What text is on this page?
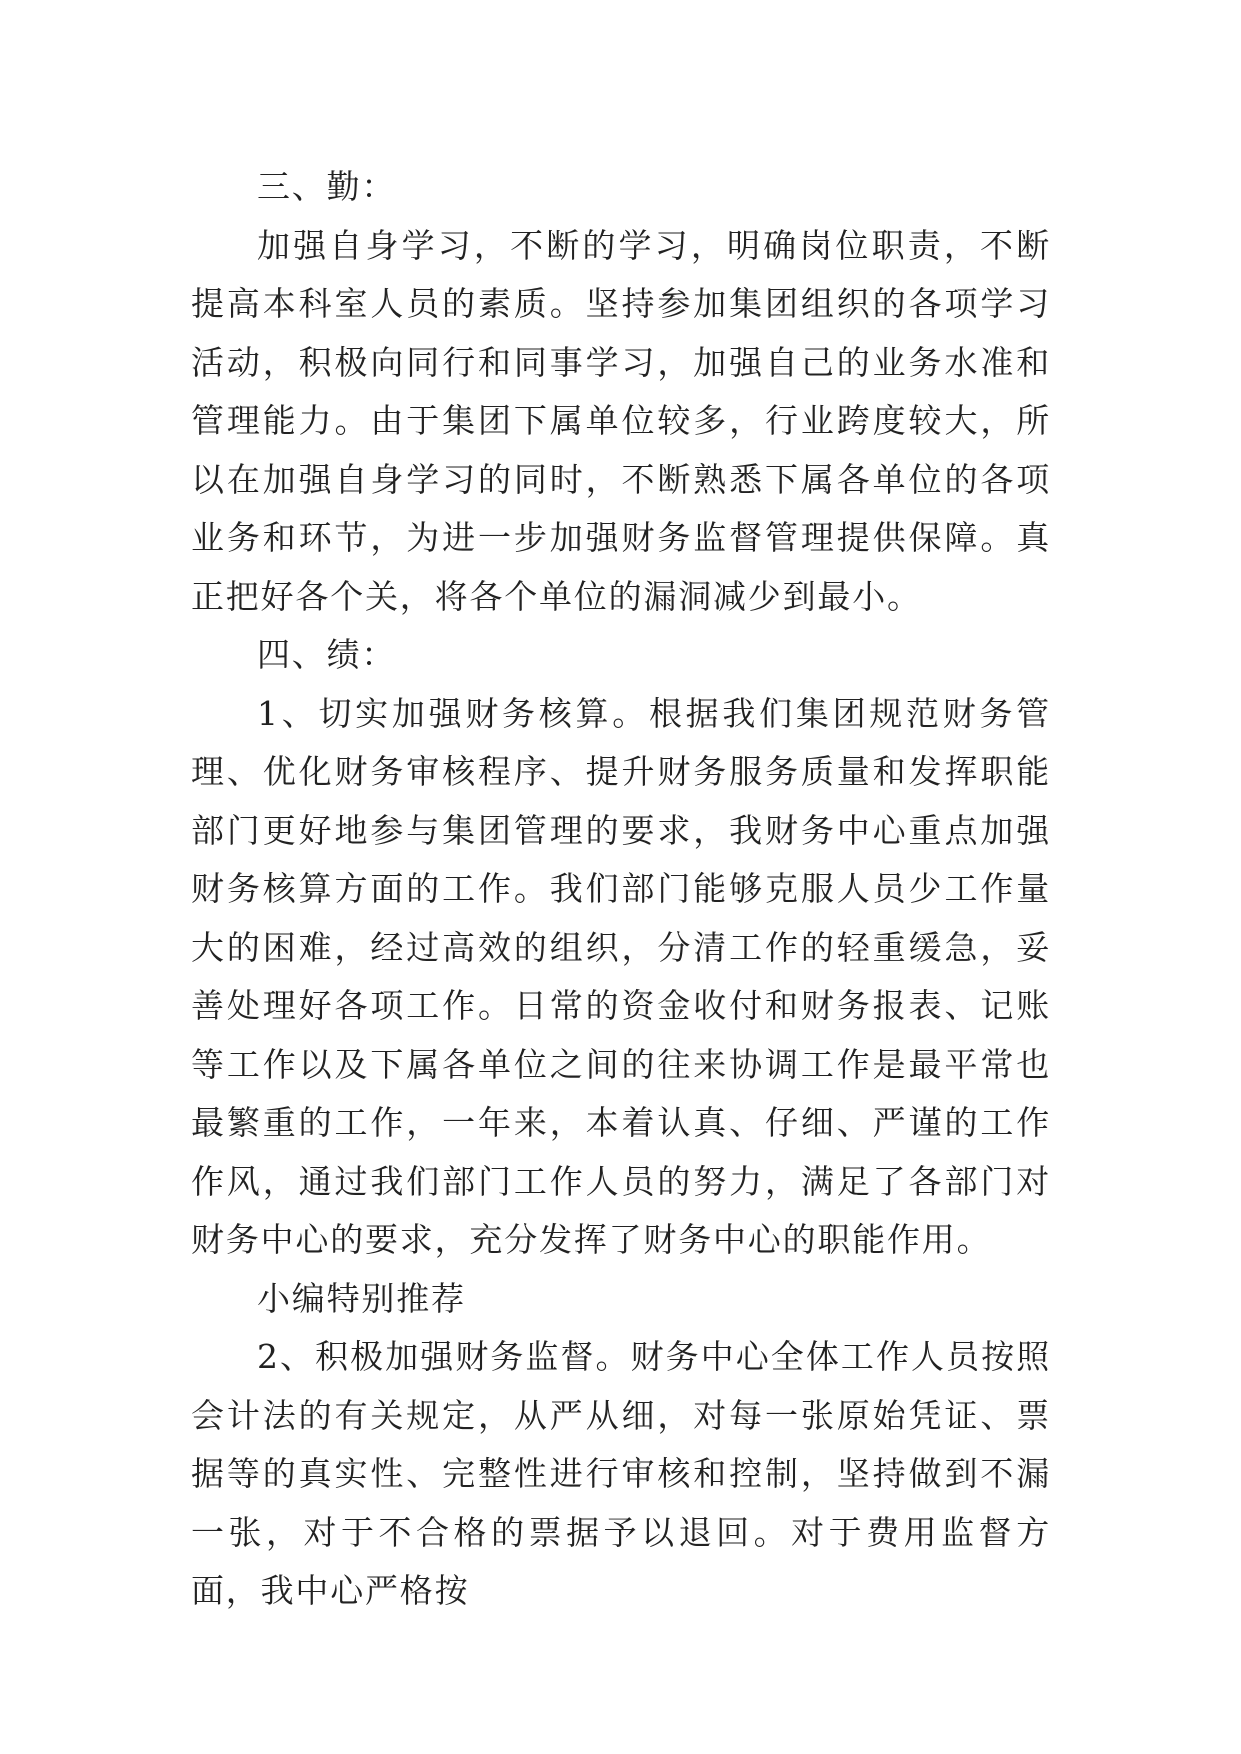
三、勤：

加强自身学习，不断的学习，明确岗位职责，不断提高本科室人员的素质。坚持参加集团组织的各项学习活动，积极向同行和同事学习，加强自己的业务水准和管理能力。由于集团下属单位较多，行业跨度较大，所以在加强自身学习的同时，不断熟悉下属各单位的各项业务和环节，为进一步加强财务监督管理提供保障。真正把好各个关，将各个单位的漏洞减少到最小。

四、绩：

1、切实加强财务核算。根据我们集团规范财务管理、优化财务审核程序、提升财务服务质量和发挥职能部门更好地参与集团管理的要求，我财务中心重点加强财务核算方面的工作。我们部门能够克服人员少工作量大的困难，经过高效的组织，分清工作的轻重缓急，妥善处理好各项工作。日常的资金收付和财务报表、记账等工作以及下属各单位之间的往来协调工作是最平常也最繁重的工作，一年来，本着认真、仔细、严谨的工作作风，通过我们部门工作人员的努力，满足了各部门对财务中心的要求，充分发挥了财务中心的职能作用。

小编特别推荐

2、积极加强财务监督。财务中心全体工作人员按照会计法的有关规定，从严从细，对每一张原始凭证、票据等的真实性、完整性进行审核和控制，坚持做到不漏一张，对于不合格的票据予以退回。对于费用监督方面，我中心严格按
